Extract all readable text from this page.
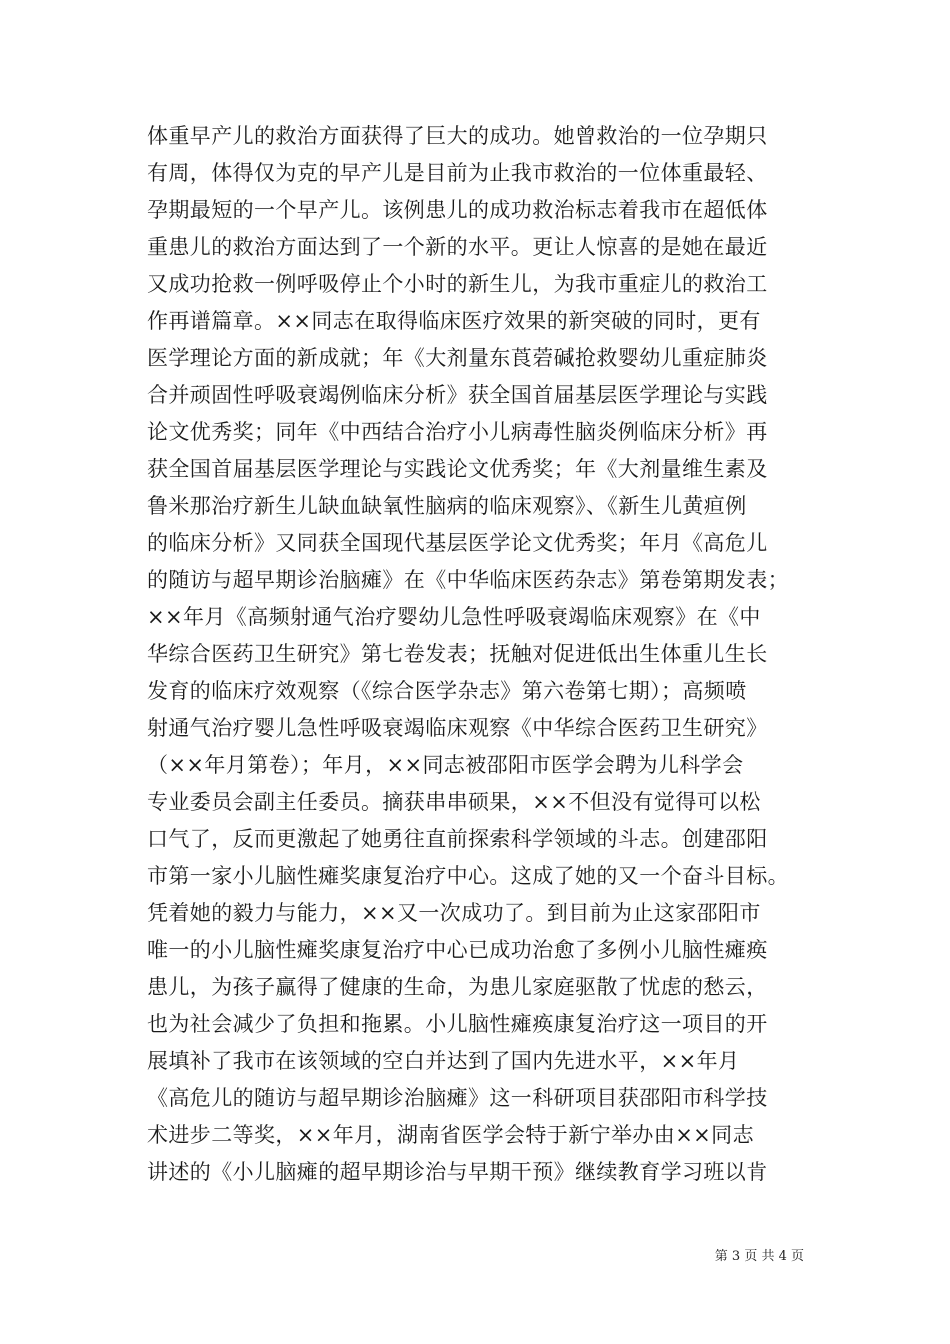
体重早产儿的救治方面获得了巨大的成功。她曾救治的一位孕期只
有周，体得仅为克的早产儿是目前为止我市救治的一位体重最轻、
孕期最短的一个早产儿。该例患儿的成功救治标志着我市在超低体
重患儿的救治方面达到了一个新的水平。更让人惊喜的是她在最近
又成功抢救一例呼吸停止个小时的新生儿，为我市重症儿的救治工
作再谱篇章。××同志在取得临床医疗效果的新突破的同时，更有
医学理论方面的新成就；年《大剂量东莨菪碱抢救婴幼儿重症肺炎
合并顽固性呼吸衰竭例临床分析》获全国首届基层医学理论与实践
论文优秀奖；同年《中西结合治疗小儿病毒性脑炎例临床分析》再
获全国首届基层医学理论与实践论文优秀奖；年《大剂量维生素及
鲁米那治疗新生儿缺血缺氧性脑病的临床观察》、《新生儿黄疸例
的临床分析》又同获全国现代基层医学论文优秀奖；年月《高危儿
的随访与超早期诊治脑瘫》在《中华临床医药杂志》第卷第期发表；
××年月《高频射通气治疗婴幼儿急性呼吸衰竭临床观察》在《中
华综合医药卫生研究》第七卷发表；抚触对促进低出生体重儿生长
发育的临床疗效观察（《综合医学杂志》第六卷第七期）；高频喷
射通气治疗婴儿急性呼吸衰竭临床观察《中华综合医药卫生研究》
（××年月第卷）；年月，××同志被邵阳市医学会聘为儿科学会
专业委员会副主任委员。摘获串串硕果，××不但没有觉得可以松
口气了，反而更激起了她勇往直前探索科学领域的斗志。创建邵阳
市第一家小儿脑性瘫奖康复治疗中心。这成了她的又一个奋斗目标。
凭着她的毅力与能力，××又一次成功了。到目前为止这家邵阳市
唯一的小儿脑性瘫奖康复治疗中心已成功治愈了多例小儿脑性瘫痪
患儿，为孩子赢得了健康的生命，为患儿家庭驱散了忧虑的愁云，
也为社会减少了负担和拖累。小儿脑性瘫痪康复治疗这一项目的开
展填补了我市在该领域的空白并达到了国内先进水平，××年月
《高危儿的随访与超早期诊治脑瘫》这一科研项目获邵阳市科学技
术进步二等奖，××年月，湖南省医学会特于新宁举办由××同志
讲述的《小儿脑瘫的超早期诊治与早期干预》继续教育学习班以肯
第 3 页 共 4 页
